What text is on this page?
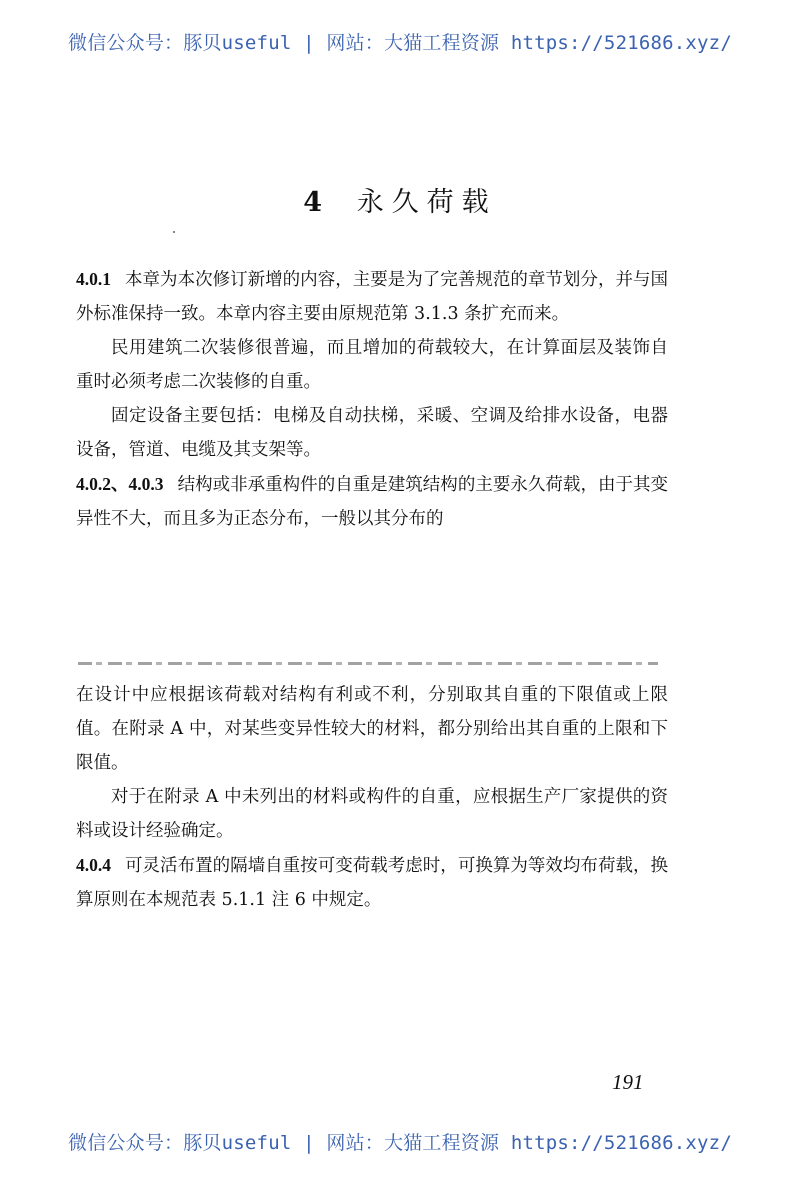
微信公众号：豚贝useful | 网站：大猫工程资源 https://521686.xyz/
4 永久荷载

4.0.1 本章为本次修订新增的内容，主要是为了完善规范的章节划分，并与国外标准保持一致。本章内容主要由原规范第 3.1.3 条扩充而来。

民用建筑二次装修很普遍，而且增加的荷载较大，在计算面层及装饰自重时必须考虑二次装修的自重。

固定设备主要包括：电梯及自动扶梯，采暖、空调及给排水设备，电器设备，管道、电缆及其支架等。

4.0.2、4.0.3 结构或非承重构件的自重是建筑结构的主要永久荷载，由于其变异性不大，而且多为正态分布，一般以其分布的

在设计中应根据该荷载对结构有利或不利，分别取其自重的下限值或上限值。在附录 A 中，对某些变异性较大的材料，都分别给出其自重的上限和下限值。

对于在附录 A 中未列出的材料或构件的自重，应根据生产厂家提供的资料或设计经验确定。

4.0.4 可灵活布置的隔墙自重按可变荷载考虑时，可换算为等效均布荷载，换算原则在本规范表 5.1.1 注 6 中规定。

191
微信公众号：豚贝useful | 网站：大猫工程资源 https://521686.xyz/
